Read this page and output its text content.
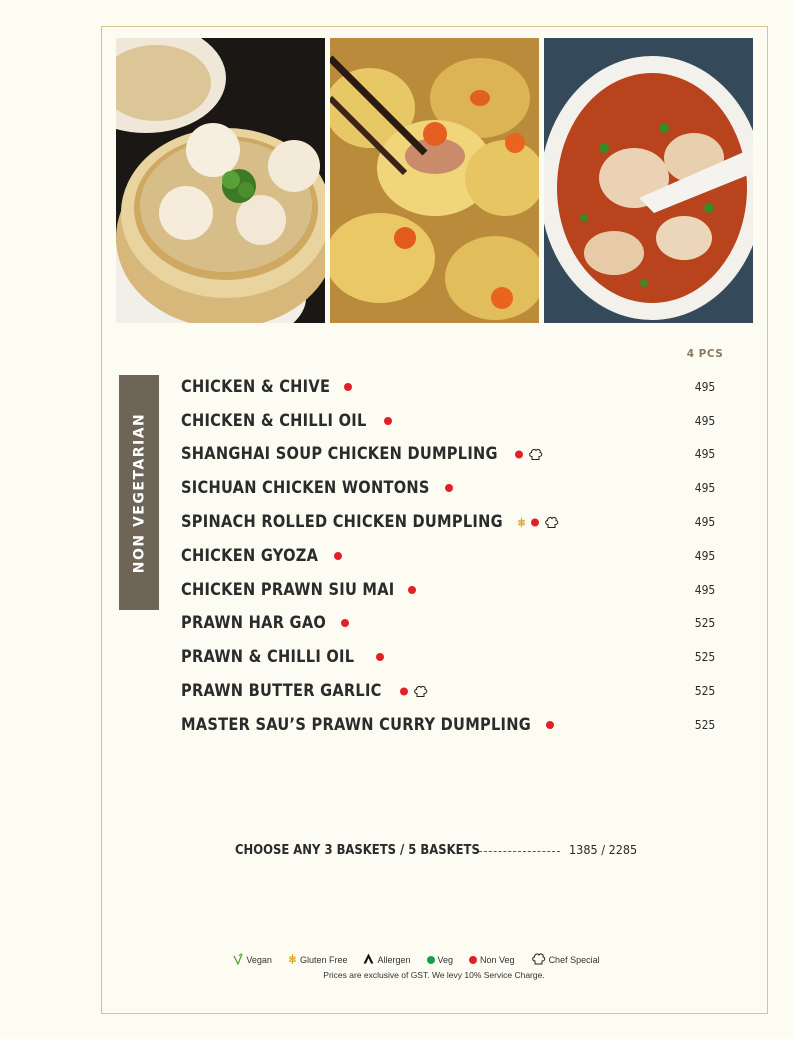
NON VEGETARIAN
4 PCS
CHICKEN & CHIVE	495
CHICKEN & CHILLI OIL	495
SHANGHAI SOUP CHICKEN DUMPLING	495
SICHUAN CHICKEN WONTONS	495
SPINACH ROLLED CHICKEN DUMPLING	495
CHICKEN GYOZA	495
CHICKEN PRAWN SIU MAI	495
PRAWN HAR GAO	525
PRAWN & CHILLI OIL	525
PRAWN BUTTER GARLIC	525
MASTER SAU’S PRAWN CURRY DUMPLING	525
CHOOSE ANY 3 BASKETS / 5 BASKETS	1385 / 2285
Vegan	Gluten Free	Allergen	Veg	Non Veg	Chef Special
Prices are exclusive of GST. We levy 10% Service Charge.
